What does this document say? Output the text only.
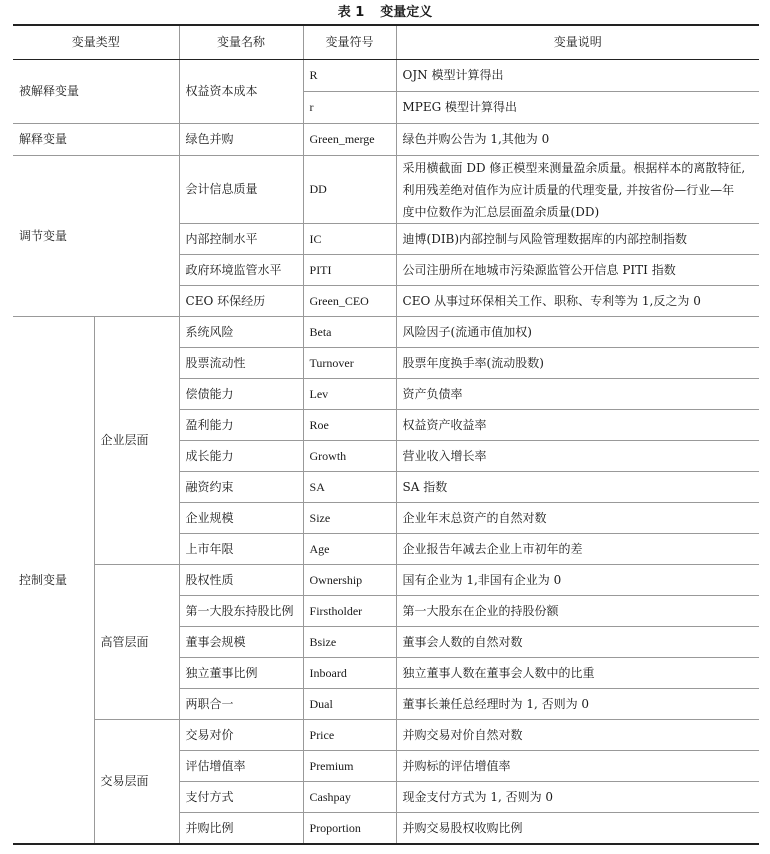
表 1 变量定义
变量类型		变量名称	变量符号	变量说明
被解释变量		权益资本成本	R	OJN 模型计算得出
			r	MPEG 模型计算得出
解释变量		绿色并购	Green_merge	绿色并购公告为 1,其他为 0
调节变量		会计信息质量	DD	采用横截面 DD 修正模型来测量盈余质量。根据样本的离散特征,
利用残差绝对值作为应计质量的代理变量, 并按省份—行业—年
度中位数作为汇总层面盈余质量(DD)

		内部控制水平	IC	迪博(DIB)内部控制与风险管理数据库的内部控制指数
		政府环境监管水平	PITI	公司注册所在地城市污染源监管公开信息 PITI 指数
		CEO 环保经历	Green_CEO	CEO 从事过环保相关工作、职称、专利等为 1,反之为 0
控制变量	企业层面	系统风险	Beta	风险因子(流通市值加权)
		股票流动性	Turnover	股票年度换手率(流动股数)
		偿债能力	Lev	资产负债率
		盈利能力	Roe	权益资产收益率
		成长能力	Growth	营业收入增长率
		融资约束	SA	SA 指数
		企业规模	Size	企业年末总资产的自然对数
		上市年限	Age	企业报告年减去企业上市初年的差
	高管层面	股权性质	Ownership	国有企业为 1,非国有企业为 0
		第一大股东持股比例	Firstholder	第一大股东在企业的持股份额
		董事会规模	Bsize	董事会人数的自然对数
		独立董事比例	Inboard	独立董事人数在董事会人数中的比重
		两职合一	Dual	董事长兼任总经理时为 1, 否则为 0
	交易层面	交易对价	Price	并购交易对价自然对数
		评估增值率	Premium	并购标的评估增值率
		支付方式	Cashpay	现金支付方式为 1, 否则为 0
		并购比例	Proportion	并购交易股权收购比例
